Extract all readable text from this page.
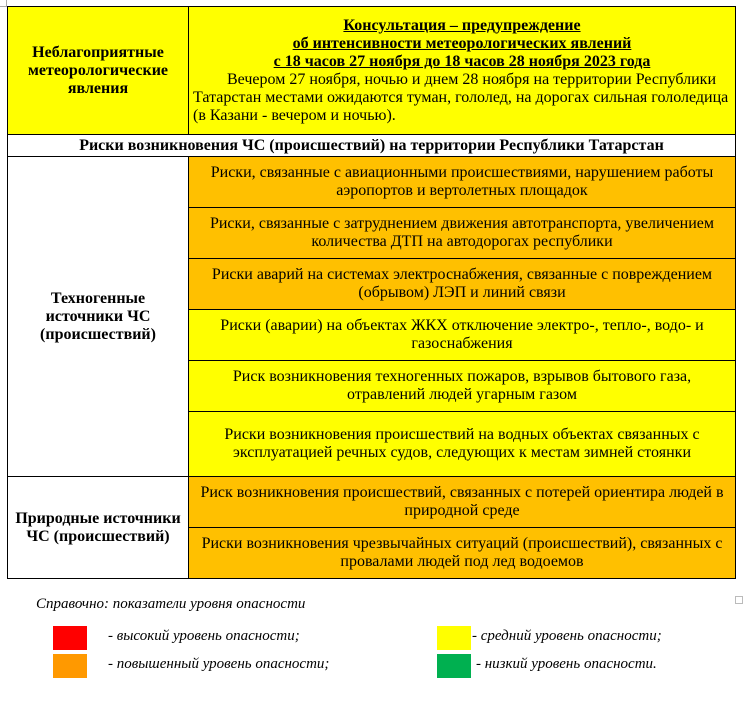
Неблагоприятные метеорологические явления	Консультация – предупреждение
об интенсивности метеорологических явлений
с 18 часов 27 ноября до 18 часов 28 ноября 2023 года
Вечером 27 ноября, ночью и днем 28 ноября на территории Республики Татарстан местами ожидаются туман, гололед, на дорогах сильная гололедица (в Казани - вечером и ночью).

Риски возникновения ЧС (происшествий) на территории Республики Татарстан	
Техногенные источники ЧС (происшествий)	Риски, связанные с авиационными происшествиями, нарушением работы аэропортов и вертолетных площадок
	Риски, связанные с затруднением движения автотранспорта, увеличением количества ДТП на автодорогах республики
	Риски аварий на системах электроснабжения, связанные с повреждением (обрывом) ЛЭП и линий связи
	Риски (аварии) на объектах ЖКХ отключение электро-, тепло-, водо- и газоснабжения
	Риск возникновения техногенных пожаров, взрывов бытового газа, отравлений людей угарным газом
	Риски возникновения происшествий на водных объектах связанных с эксплуатацией речных судов, следующих к местам зимней стоянки
Природные источники ЧС (происшествий)	Риск возникновения происшествий, связанных с потерей ориентира людей в природной среде
	Риски возникновения чрезвычайных ситуаций (происшествий), связанных с провалами людей под лед водоемов
Справочно: показатели уровня опасности
- высокий уровень опасности;
- повышенный уровень опасности;
- средний уровень опасности;
- низкий уровень опасности.
